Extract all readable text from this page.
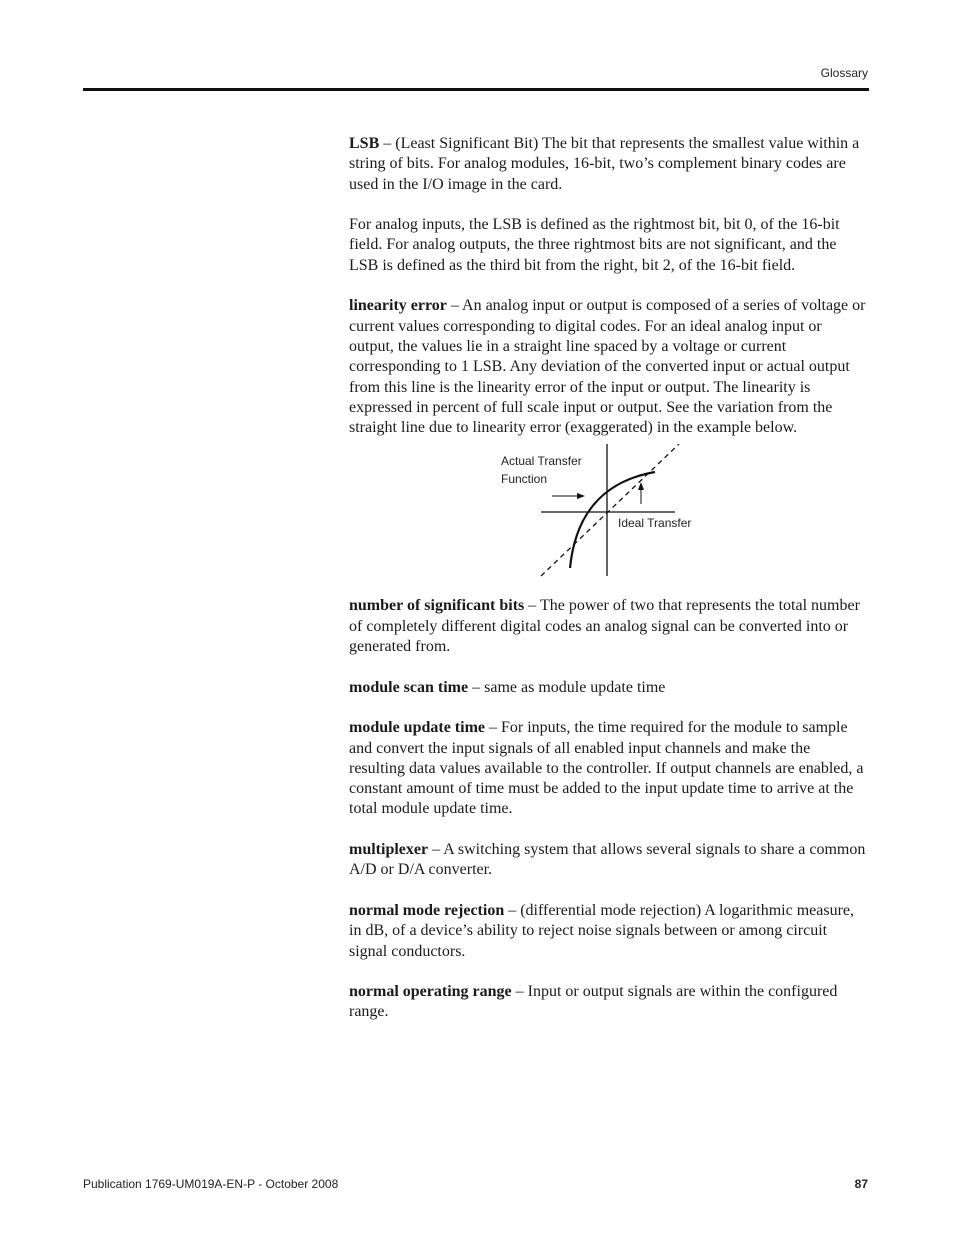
Glossary

LSB – (Least Significant Bit) The bit that represents the smallest value within a string of bits. For analog modules, 16-bit, two’s complement binary codes are used in the I/O image in the card.

For analog inputs, the LSB is defined as the rightmost bit, bit 0, of the 16-bit field. For analog outputs, the three rightmost bits are not significant, and the LSB is defined as the third bit from the right, bit 2, of the 16-bit field.

linearity error – An analog input or output is composed of a series of voltage or current values corresponding to digital codes. For an ideal analog input or output, the values lie in a straight line spaced by a voltage or current corresponding to 1 LSB. Any deviation of the converted input or actual output from this line is the linearity error of the input or output. The linearity is expressed in percent of full scale input or output. See the variation from the straight line due to linearity error (exaggerated) in the example below.

Actual Transfer
Function
Ideal Transfer

number of significant bits – The power of two that represents the total number of completely different digital codes an analog signal can be converted into or generated from.

module scan time – same as module update time

module update time – For inputs, the time required for the module to sample and convert the input signals of all enabled input channels and make the resulting data values available to the controller. If output channels are enabled, a constant amount of time must be added to the input update time to arrive at the total module update time.

multiplexer – A switching system that allows several signals to share a common A/D or D/A converter.

normal mode rejection – (differential mode rejection) A logarithmic measure, in dB, of a device’s ability to reject noise signals between or among circuit signal conductors.

normal operating range – Input or output signals are within the configured range.

Publication 1769-UM019A-EN-P - October 2008	87
